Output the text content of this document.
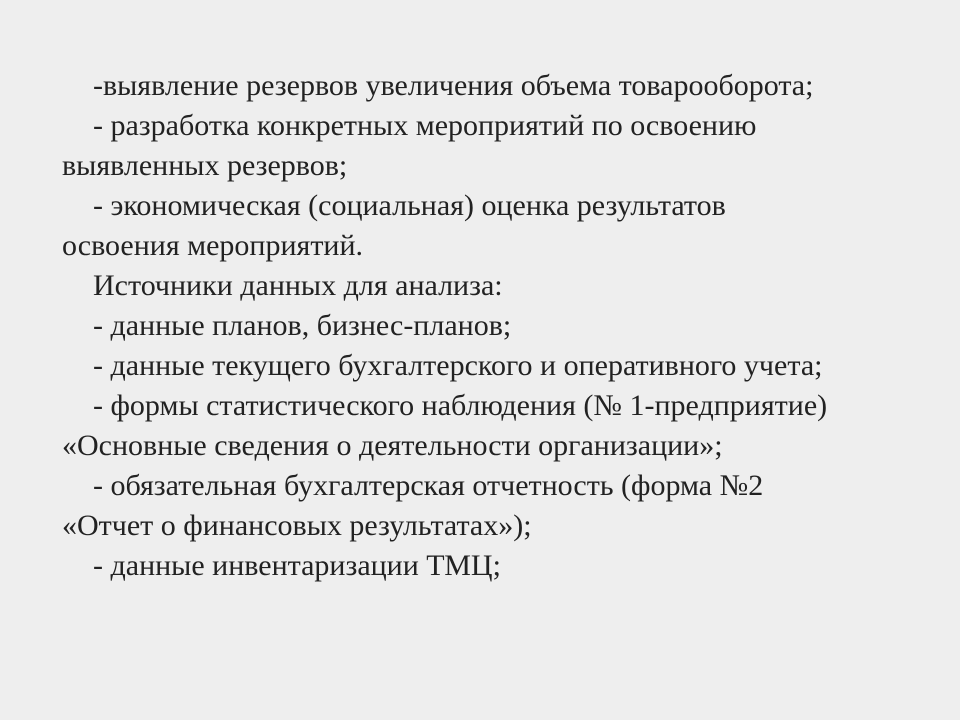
-выявление резервов увеличения объема товарооборота;
- разработка конкретных мероприятий по освоению
выявленных резервов;
- экономическая (социальная) оценка результатов
освоения мероприятий.
Источники данных для анализа:
- данные планов, бизнес-планов;
- данные текущего бухгалтерского и оперативного учета;
- формы статистического наблюдения (№ 1-предприятие)
«Основные сведения о деятельности организации»;
- обязательная бухгалтерская отчетность (форма №2
«Отчет о финансовых результатах»);
- данные инвентаризации ТМЦ;
